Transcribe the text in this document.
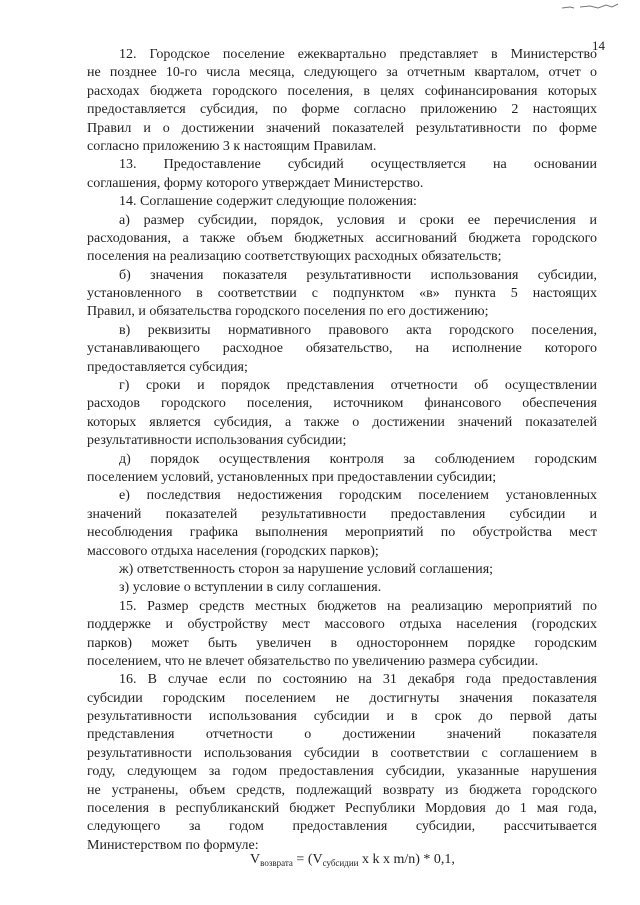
14
12. Городское поселение ежеквартально представляет в Министерство
не позднее 10-го числа месяца, следующего за отчетным кварталом, отчет о
расходах бюджета городского поселения, в целях софинансирования которых
предоставляется субсидия, по форме согласно приложению 2 настоящих
Правил и о достижении значений показателей результативности по форме
согласно приложению 3 к настоящим Правилам.
13. Предоставление субсидий осуществляется на основании
соглашения, форму которого утверждает Министерство.
14. Соглашение содержит следующие положения:
а) размер субсидии, порядок, условия и сроки ее перечисления и
расходования, а также объем бюджетных ассигнований бюджета городского
поселения на реализацию соответствующих расходных обязательств;
б) значения показателя результативности использования субсидии,
установленного в соответствии с подпунктом «в» пункта 5 настоящих
Правил, и обязательства городского поселения по его достижению;
в) реквизиты нормативного правового акта городского поселения,
устанавливающего расходное обязательство, на исполнение которого
предоставляется субсидия;
г) сроки и порядок представления отчетности об осуществлении
расходов городского поселения, источником финансового обеспечения
которых является субсидия, а также о достижении значений показателей
результативности использования субсидии;
д) порядок осуществления контроля за соблюдением городским
поселением условий, установленных при предоставлении субсидии;
е) последствия недостижения городским поселением установленных
значений показателей результативности предоставления субсидии и
несоблюдения графика выполнения мероприятий по обустройства мест
массового отдыха населения (городских парков);
ж) ответственность сторон за нарушение условий соглашения;
з) условие о вступлении в силу соглашения.
15. Размер средств местных бюджетов на реализацию мероприятий по
поддержке и обустройству мест массового отдыха населения (городских
парков) может быть увеличен в одностороннем порядке городским
поселением, что не влечет обязательство по увеличению размера субсидии.
16. В случае если по состоянию на 31 декабря года предоставления
субсидии городским поселением не достигнуты значения показателя
результативности использования субсидии и в срок до первой даты
представления отчетности о достижении значений показателя
результативности использования субсидии в соответствии с соглашением в
году, следующем за годом предоставления субсидии, указанные нарушения
не устранены, объем средств, подлежащий возврату из бюджета городского
поселения в республиканский бюджет Республики Мордовия до 1 мая года,
следующего за годом предоставления субсидии, рассчитывается
Министерством по формуле:
$V_{возврата} = (V_{субсидии}$ x k x m/n) * 0,1,
